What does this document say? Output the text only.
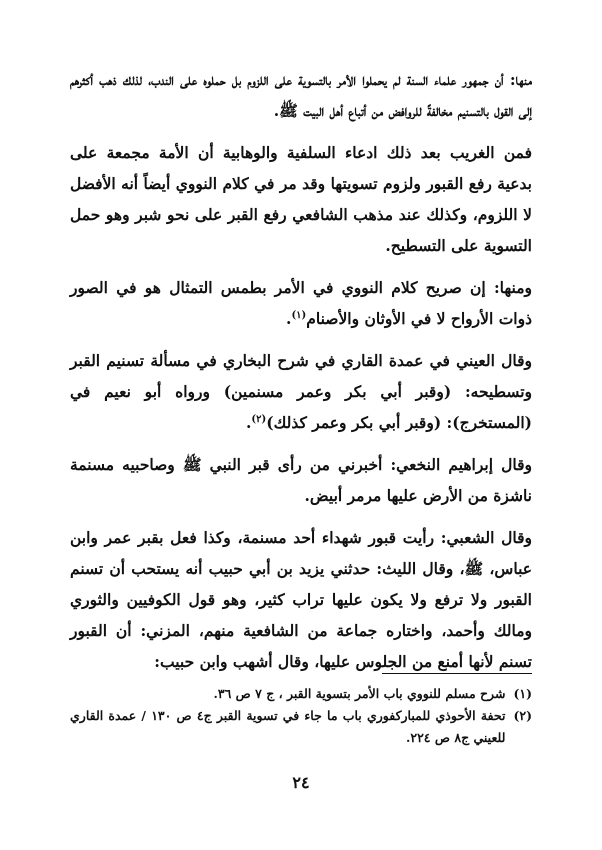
منها: أن جمهور علماء السنة لم يحملوا الأمر بالتسوية على اللزوم بل حملوه على الندب، لذلك ذهب أكثرهم إلى القول بالتسنيم مخالفةً للروافض من أتباع أهل البيت ﷺ.

فمن الغريب بعد ذلك ادعاء السلفية والوهابية أن الأمة مجمعة على بدعية رفع القبور ولزوم تسويتها وقد مر في كلام النووي أيضاً أنه الأفضل لا اللزوم، وكذلك عند مذهب الشافعي رفع القبر على نحو شبر وهو حمل التسوية على التسطيح.

ومنها: إن صريح كلام النووي في الأمر بطمس التمثال هو في الصور ذوات الأرواح لا في الأوثان والأصنام$^{(١)}$.

وقال العيني في عمدة القاري في شرح البخاري في مسألة تسنيم القبر وتسطيحه: (وقبر أبي بكر وعمر مسنمين) ورواه أبو نعيم في (المستخرج): (وقبر أبي بكر وعمر كذلك)$^{(٢)}$.

وقال إبراهيم النخعي: أخبرني من رأى قبر النبي ﷺ وصاحبيه مسنمة ناشزة من الأرض عليها مرمر أبيض.

وقال الشعبي: رأيت قبور شهداء أحد مسنمة، وكذا فعل بقبر عمر وابن عباس، ﷺ، وقال الليث: حدثني يزيد بن أبي حبيب أنه يستحب أن تسنم القبور ولا ترفع ولا يكون عليها تراب كثير، وهو قول الكوفيين والثوري ومالك وأحمد، واختاره جماعة من الشافعية منهم، المزني: أن القبور تسنم لأنها أمنع من الجلوس عليها، وقال أشهب وابن حبيب:

(١)
شرح مسلم للنووي باب الأمر بتسوية القبر ، ج ٧ ص ٣٦.
(٢)
تحفة الأحوذي للمباركفوري باب ما جاء في تسوية القبر ج٤ ص ١٣٠ / عمدة القاري للعيني ج٨ ص ٢٢٤.
٢٤
